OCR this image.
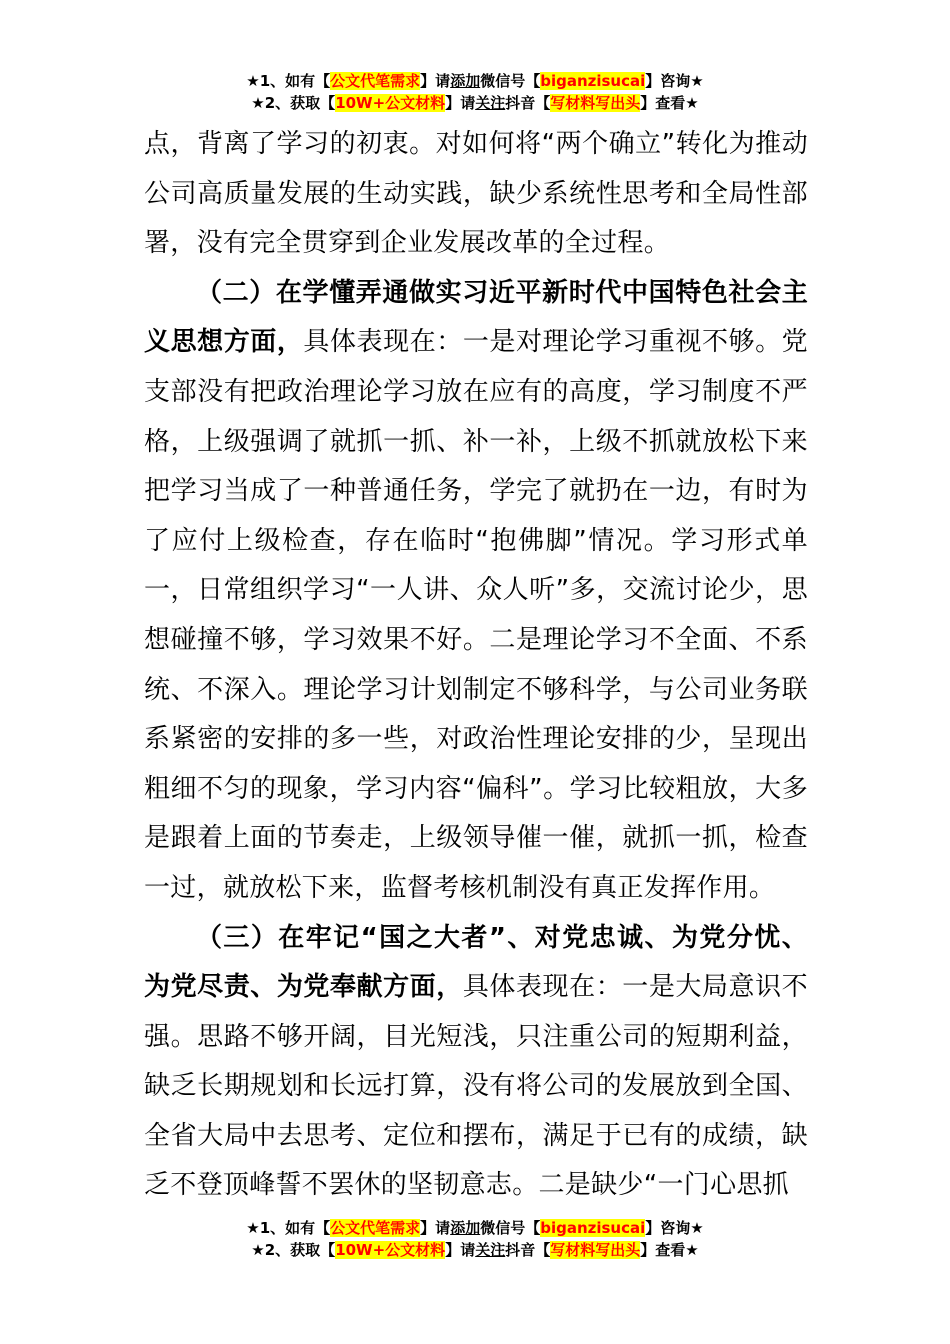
★1、如有【公文代笔需求】请添加微信号【biganzisucai】咨询★
★2、获取【10W+公文材料】请关注抖音【写材料写出头】查看★

点，背离了学习的初衷。对如何将“两个确立”转化为推动公司高质量发展的生动实践，缺少系统性思考和全局性部署，没有完全贯穿到企业发展改革的全过程。

（二）在学懂弄通做实习近平新时代中国特色社会主义思想方面，具体表现在：一是对理论学习重视不够。党支部没有把政治理论学习放在应有的高度，学习制度不严格，上级强调了就抓一抓、补一补，上级不抓就放松下来把学习当成了一种普通任务，学完了就扔在一边，有时为了应付上级检查，存在临时“抱佛脚”情况。学习形式单一，日常组织学习“一人讲、众人听”多，交流讨论少，思想碰撞不够，学习效果不好。二是理论学习不全面、不系统、不深入。理论学习计划制定不够科学，与公司业务联系紧密的安排的多一些，对政治性理论安排的少，呈现出粗细不匀的现象，学习内容“偏科”。学习比较粗放，大多是跟着上面的节奏走，上级领导催一催，就抓一抓，检查一过，就放松下来，监督考核机制没有真正发挥作用。

（三）在牢记“国之大者”、对党忠诚、为党分忧、为党尽责、为党奉献方面，具体表现在：一是大局意识不强。思路不够开阔，目光短浅，只注重公司的短期利益，缺乏长期规划和长远打算，没有将公司的发展放到全国、全省大局中去思考、定位和摆布，满足于已有的成绩，缺乏不登顶峰誓不罢休的坚韧意志。二是缺少“一门心思抓

★1、如有【公文代笔需求】请添加微信号【biganzisucai】咨询★
★2、获取【10W+公文材料】请关注抖音【写材料写出头】查看★
